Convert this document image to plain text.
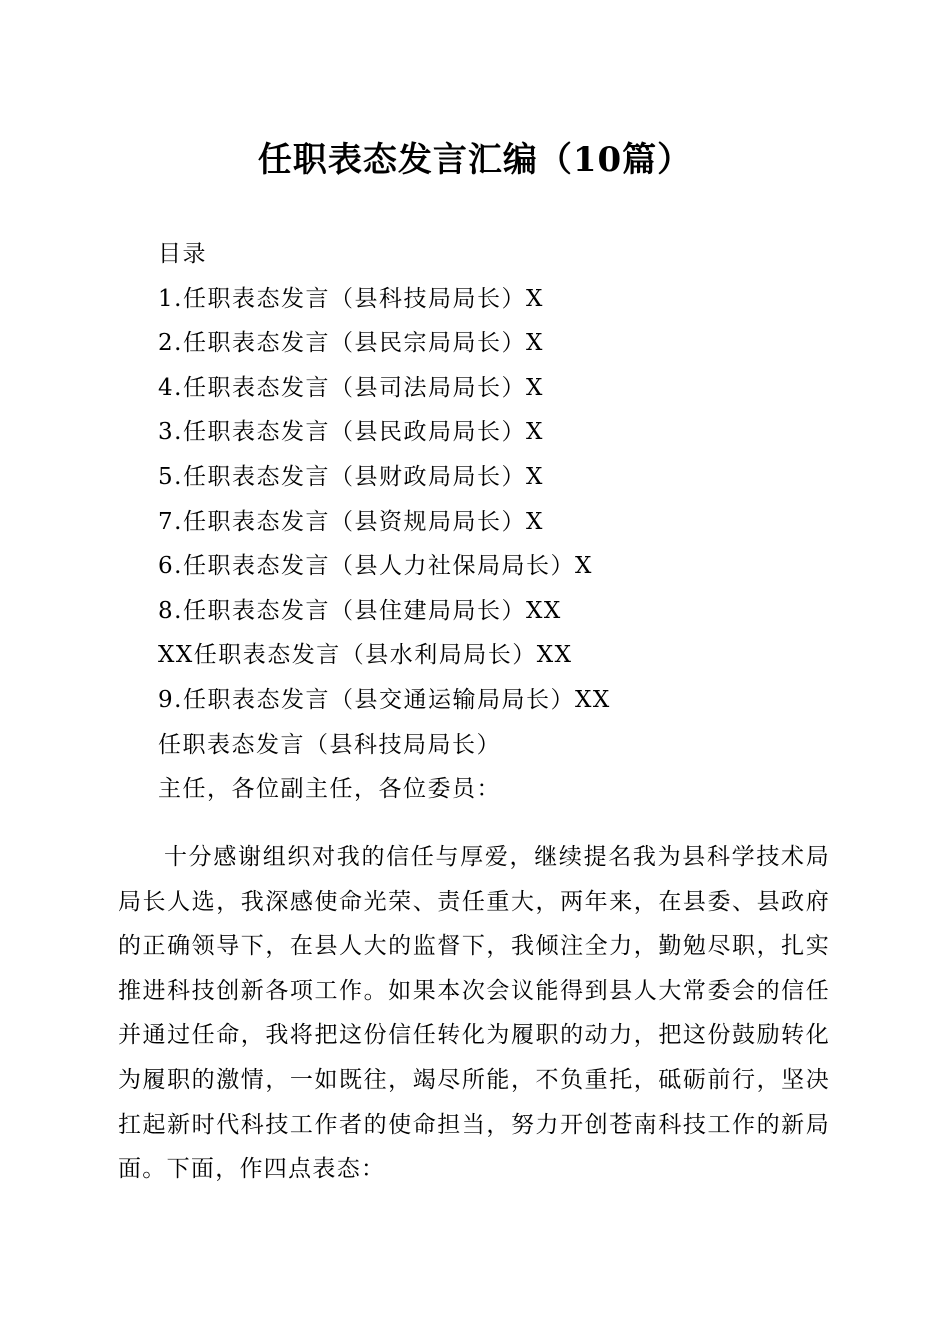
任职表态发言汇编（10篇）
目录
1.任职表态发言（县科技局局长）X
2.任职表态发言（县民宗局局长）X
4.任职表态发言（县司法局局长）X
3.任职表态发言（县民政局局长）X
5.任职表态发言（县财政局局长）X
7.任职表态发言（县资规局局长）X
6.任职表态发言（县人力社保局局长）X
8.任职表态发言（县住建局局长）XX
XX任职表态发言（县水利局局长）XX
9.任职表态发言（县交通运输局局长）XX
任职表态发言（县科技局局长）
主任，各位副主任，各位委员：

十分感谢组织对我的信任与厚爱，继续提名我为县科学技术局局长人选，我深感使命光荣、责任重大，两年来，在县委、县政府的正确领导下，在县人大的监督下，我倾注全力，勤勉尽职，扎实推进科技创新各项工作。如果本次会议能得到县人大常委会的信任并通过任命，我将把这份信任转化为履职的动力，把这份鼓励转化为履职的激情，一如既往，竭尽所能，不负重托，砥砺前行，坚决扛起新时代科技工作者的使命担当，努力开创苍南科技工作的新局面。下面，作四点表态：
